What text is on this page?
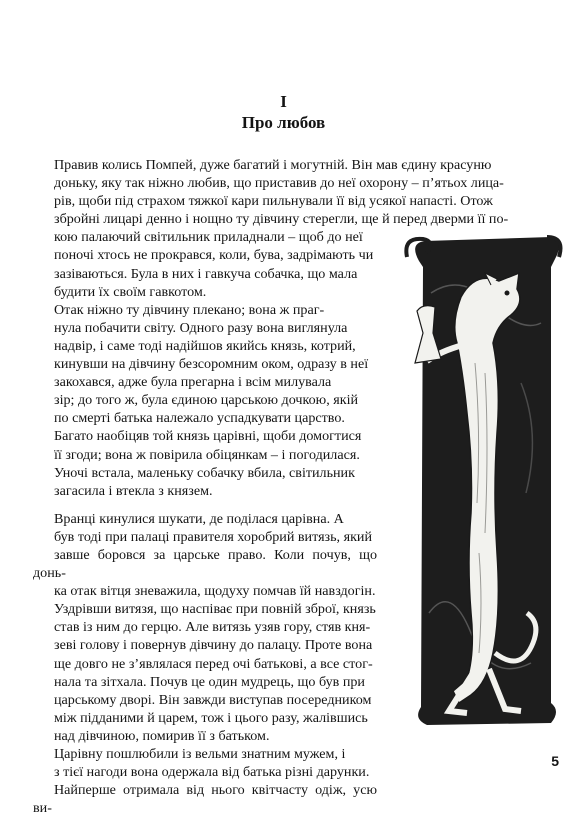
I
Про любов

Правив колись Помпей, дуже багатий і могутній. Він мав єдину красуню
доньку, яку так ніжно любив, що приставив до неї охорону – п’ятьох лица-
рів, щоби під страхом тяжкої кари пильнували її від усякої напасті. Отож
збройні лицарі денно і нощно ту дівчину стерегли, ще й перед дверми її по-
кою палаючий світильник приладнали – щоб до неї
поночі хтось не прокрався, коли, бува, задрімають чи
зазіваються. Була в них і гавкуча собачка, що мала
будити їх своїм гавкотом.

Отак ніжно ту дівчину плекано; вона ж праг-
нула побачити світу. Одного разу вона виглянула
надвір, і саме тоді надійшов якийсь князь, котрий,
кинувши на дівчину безсоромним оком, одразу в неї
закохався, адже була прегарна і всім милувала
зір; до того ж, була єдиною царською дочкою, якій
по смерті батька належало успадкувати царство.
Багато наобіцяв той князь царівні, щоби домогтися
її згоди; вона ж повірила обіцянкам – і погодилася.
Уночі встала, маленьку собачку вбила, світильник
загасила і втекла з князем.

Вранці кинулися шукати, де поділася царівна. А
був тоді при палаці правителя хоробрий витязь, який
завше боровся за царське право. Коли почув, що донь-
ка отак вітця зневажила, щодуху помчав їй навздогін.
Уздрівши витязя, що наспіває при повній зброї, князь
став із ним до герцю. Але витязь узяв гору, стяв кня-
зеві голову і повернув дівчину до палацу. Проте вона
ще довго не з’являлася перед очі батькові, а все стог-
нала та зітхала. Почув це один мудрець, що був при
царському дворі. Він завжди виступав посередником
між підданими й царем, тож і цього разу, жалівшись
над дівчиною, помирив її з батьком.

Царівну пошлюбили із вельми знатним мужем, і
з тієї нагоди вона одержала від батька різні дарунки.
Найперше отримала від нього квітчасту одіж, усю ви-

5
